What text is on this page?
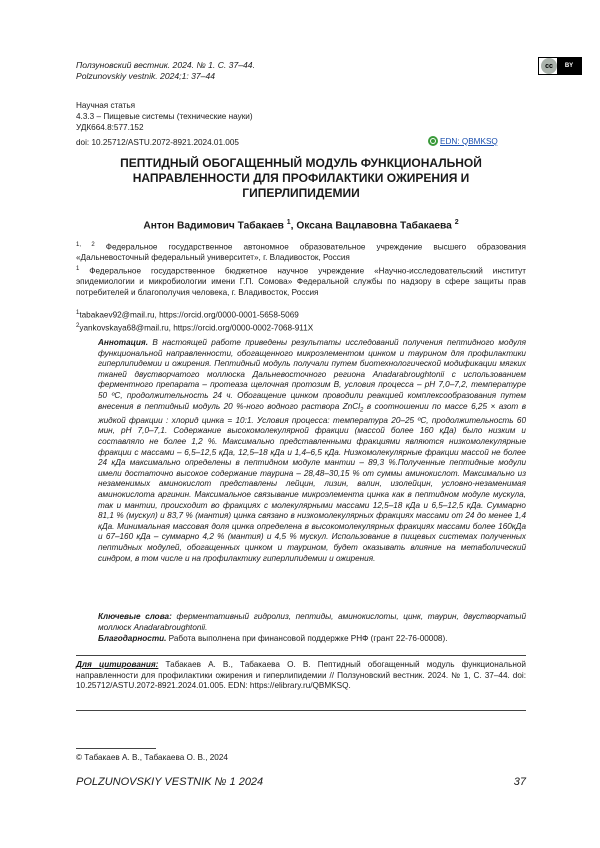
Ползуновский вестник. 2024. № 1. С. 37–44.
Polzunovskiy vestnik. 2024;1: 37–44
cc	BY
Научная статья
4.3.3 – Пищевые системы (технические науки)
УДК664.8:577.152
doi: 10.25712/ASTU.2072-8921.2024.01.005	EDN: QBMKSQ
ПЕПТИДНЫЙ ОБОГАЩЕННЫЙ МОДУЛЬ ФУНКЦИОНАЛЬНОЙ НАПРАВЛЕННОСТИ ДЛЯ ПРОФИЛАКТИКИ ОЖИРЕНИЯ И ГИПЕРЛИПИДЕМИИ
Антон Вадимович Табакаев $^1$, Оксана Вацлавовна Табакаева $^2$
$^{1, 2}$ Федеральное государственное автономное образовательное учреждение высшего образования «Дальневосточный федеральный университет», г. Владивосток, Россия
$^1$ Федеральное государственное бюджетное научное учреждение «Научно-исследовательский институт эпидемиологии и микробиологии имени Г.П. Сомова» Федеральной службы по надзору в сфере защиты прав потребителей и благополучия человека, г. Владивосток, Россия
$^1$tabakaev92@mail.ru, https://orcid.org/0000-0001-5658-5069
$^2$yankovskaya68@mail.ru, https://orcid.org/0000-0002-7068-911X
Аннотация. В настоящей работе приведены результаты исследований получения пептидного модуля функциональной направленности, обогащенного микроэлементом цинком и таурином для профилактики гиперлипидемии и ожирения. Пептидный модуль получали путем биотехнологической модификации мягких тканей двустворчатого моллюска Дальневосточного региона Anadarabroughtonii с использованием ферментного препарата – протеаза щелочная протозим B, условия процесса – pH 7,0–7,2, температуре 50 ºС, продолжительность 24 ч. Обогащение цинком проводили реакцией комплексообразования путем внесения в пептидный модуль 20 %-ного водного раствора ZnCl$_2$ в соотношении по массе 6,25 × азот в жидкой фракции : хлорид цинка = 10:1. Условия процесса: температура 20–25 ºС, продолжительность 60 мин, pH 7,0–7,1. Содержание высокомолекулярной фракции (массой более 160 кДа) было низким и составляло не более 1,2 %. Максимально представленными фракциями являются низкомолекулярные фракции с массами – 6,5–12,5 кДа, 12,5–18 кДа и 1,4–6,5 кДа. Низкомолекулярные фракции массой не более 24 кДа максимально определены в пептидном модуле мантии – 89,3 %.Полученные пептидные модули имели достаточно высокое содержание таурина – 28,48–30,15 % от суммы аминокислот. Максимально из незаменимых аминокислот представлены лейцин, лизин, валин, изолейцин, условно-незаменимая аминокислота аргинин. Максимальное связывание микроэлемента цинка как в пептидном модуле мускула, так и мантии, происходит во фракциях с молекулярными массами 12,5–18 кДа и 6,5–12,5 кДа. Суммарно 81,1 % (мускул) и 83,7 % (мантия) цинка связано в низкомолекулярных фракциях массами от 24 до менее 1,4 кДа. Минимальная массовая доля цинка определена в высокомолекулярных фракциях массами более 160кДа и 67–160 кДа – суммарно 4,2 % (мантия) и 4,5 % мускул. Использование в пищевых системах полученных пептидных модулей, обогащенных цинком и таурином, будет оказывать влияние на метаболический синдром, в том числе и на профилактику гиперлипидемии и ожирения.
Ключевые слова: ферментативный гидролиз, пептиды, аминокислоты, цинк, таурин, двустворчатый моллюск Anadarabroughtonii.
Благодарности. Работа выполнена при финансовой поддержке РНФ (грант 22-76-00008).
Для цитирования: Табакаев А. В., Табакаева О. В. Пептидный обогащенный модуль функциональной направленности для профилактики ожирения и гиперлипидемии // Ползуновский вестник. 2024. № 1, С. 37–44. doi: 10.25712/ASTU.2072-8921.2024.01.005. EDN: https://elibrary.ru/QBMKSQ.
© Табакаев А. В., Табакаева О. В., 2024
POLZUNOVSKIY VESTNIK № 1 2024	37
